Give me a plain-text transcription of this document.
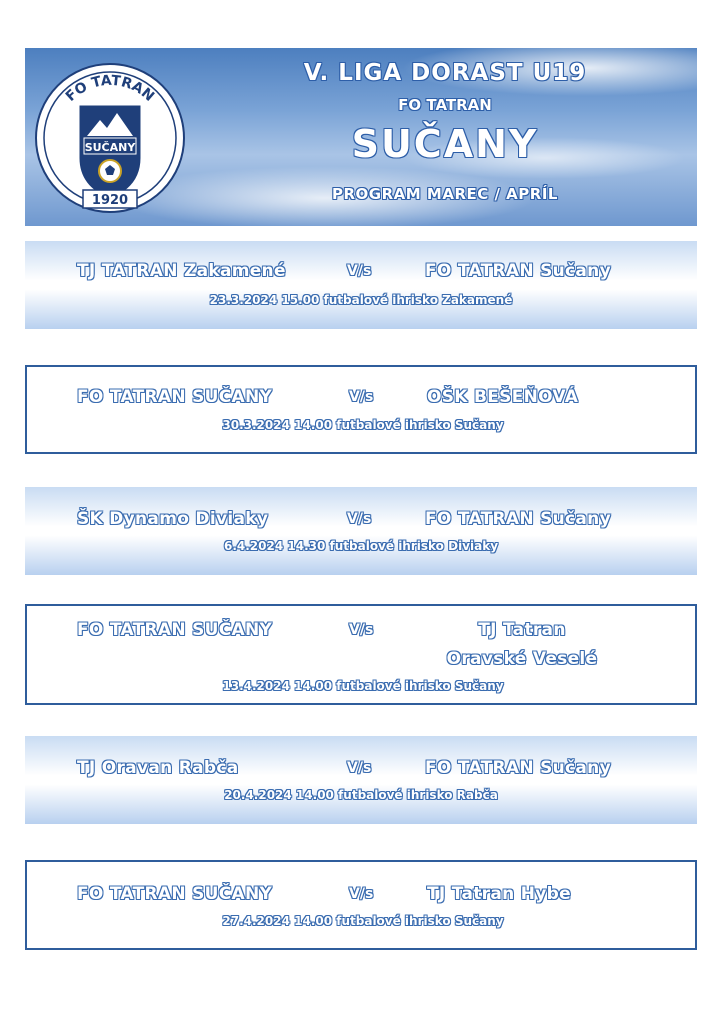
FO TATRAN
SUČANY
1920
V. LIGA DORAST U19
FO TATRAN
SUČANY
PROGRAM MAREC / APRÍL
TJ TATRAN Zakamené	V/s	FO TATRAN Sučany
23.3.2024 15.00 futbalové ihrisko Zakamené
FO TATRAN SUČANY	V/s	OŠK BEŠEŇOVÁ
30.3.2024 14.00 futbalové ihrisko Sučany
ŠK Dynamo Diviaky	V/s	FO TATRAN Sučany
6.4.2024 14.30 futbalové ihrisko Diviaky
FO TATRAN SUČANY	V/s	TJ Tatran
Oravské Veselé
13.4.2024 14.00 futbalové ihrisko Sučany
TJ Oravan Rabča	V/s	FO TATRAN Sučany
20.4.2024 14.00 futbalové ihrisko Rabča
FO TATRAN SUČANY	V/s	TJ Tatran Hybe
27.4.2024 14.00 futbalové ihrisko Sučany
